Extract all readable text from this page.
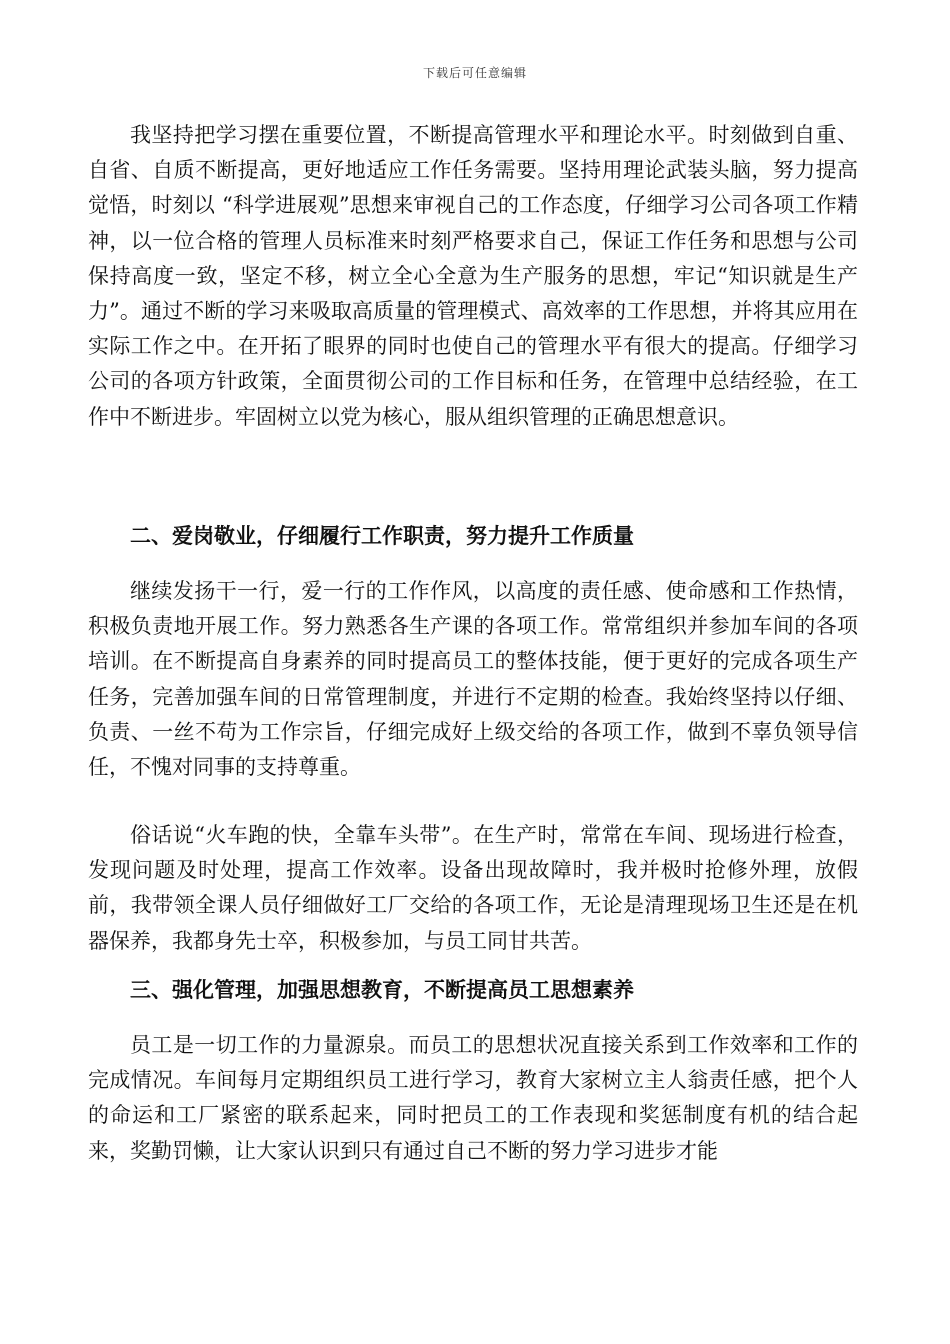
下载后可任意编辑

我坚持把学习摆在重要位置，不断提高管理水平和理论水平。时刻做到自重、自省、自质不断提高，更好地适应工作任务需要。坚持用理论武装头脑，努力提高觉悟，时刻以 “科学进展观”思想来审视自己的工作态度，仔细学习公司各项工作精神，以一位合格的管理人员标准来时刻严格要求自己，保证工作任务和思想与公司保持高度一致，坚定不移，树立全心全意为生产服务的思想，牢记“知识就是生产力”。通过不断的学习来吸取高质量的管理模式、高效率的工作思想，并将其应用在实际工作之中。在开拓了眼界的同时也使自己的管理水平有很大的提高。仔细学习公司的各项方针政策，全面贯彻公司的工作目标和任务，在管理中总结经验，在工作中不断进步。牢固树立以党为核心，服从组织管理的正确思想意识。

二、爱岗敬业，仔细履行工作职责，努力提升工作质量

继续发扬干一行，爱一行的工作作风，以高度的责任感、使命感和工作热情，积极负责地开展工作。努力熟悉各生产课的各项工作。常常组织并参加车间的各项培训。在不断提高自身素养的同时提高员工的整体技能，便于更好的完成各项生产任务，完善加强车间的日常管理制度，并进行不定期的检查。我始终坚持以仔细、负责、一丝不苟为工作宗旨，仔细完成好上级交给的各项工作，做到不辜负领导信任，不愧对同事的支持尊重。

俗话说“火车跑的快，全靠车头带”。在生产时，常常在车间、现场进行检查，发现问题及时处理，提高工作效率。设备出现故障时，我并极时抢修外理，放假前，我带领全课人员仔细做好工厂交给的各项工作，无论是清理现场卫生还是在机器保养，我都身先士卒，积极参加，与员工同甘共苦。

三、强化管理，加强思想教育，不断提高员工思想素养

员工是一切工作的力量源泉。而员工的思想状况直接关系到工作效率和工作的完成情况。车间每月定期组织员工进行学习，教育大家树立主人翁责任感，把个人的命运和工厂紧密的联系起来，同时把员工的工作表现和奖惩制度有机的结合起来，奖勤罚懒，让大家认识到只有通过自己不断的努力学习进步才能
